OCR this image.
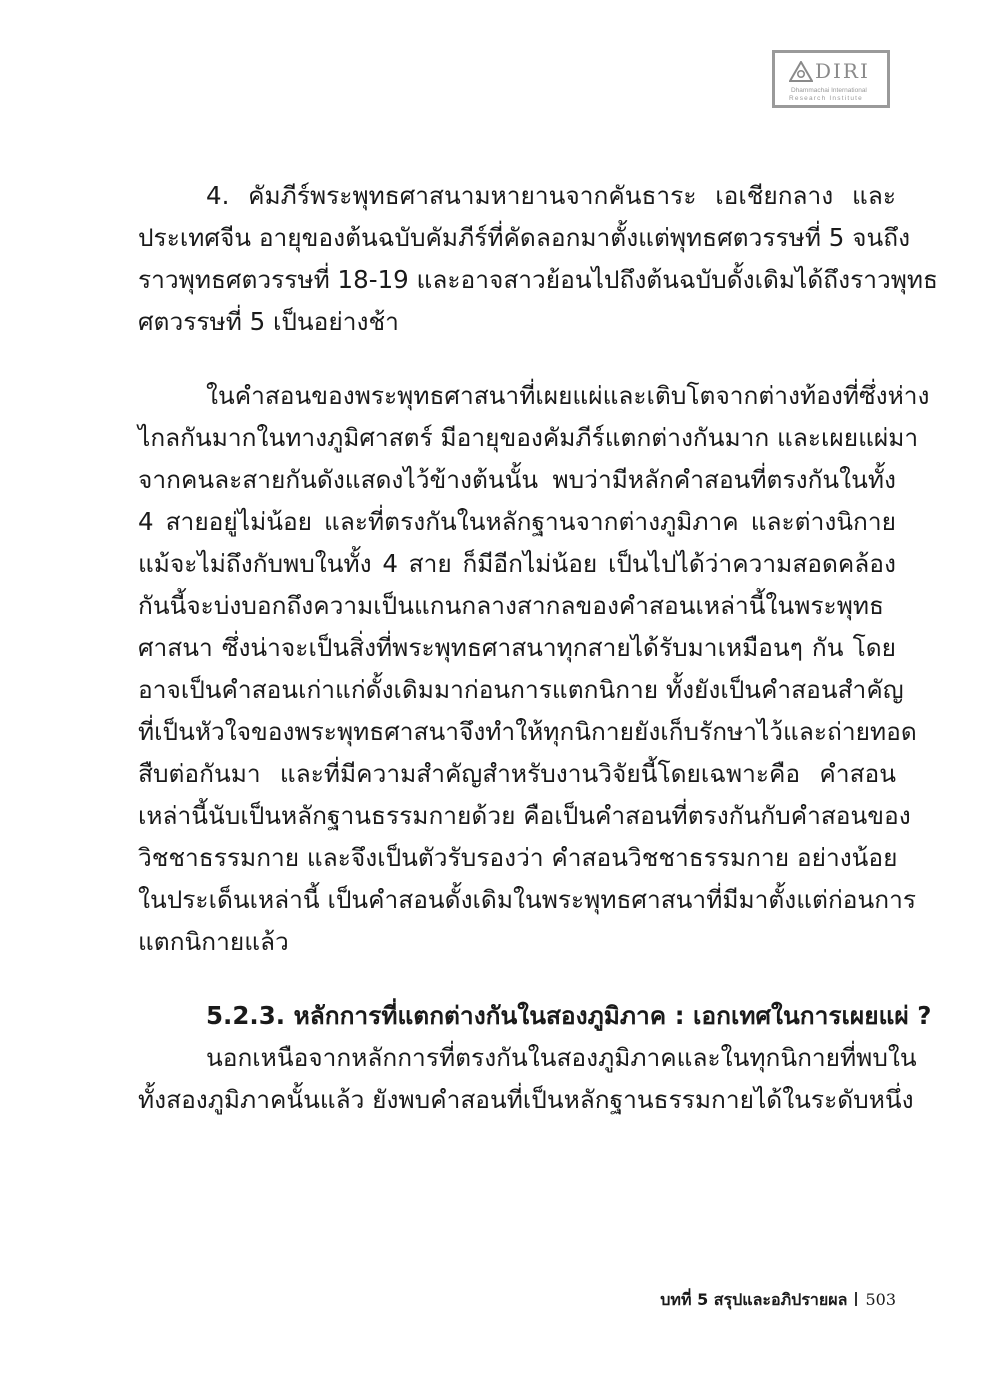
DIRI
Dhammachai International
Research Institute
4. คัมภีร์พระพุทธศาสนามหายานจากคันธาระ เอเชียกลาง และ
ประเทศจีน อายุของต้นฉบับคัมภีร์ที่คัดลอกมาตั้งแต่พุทธศตวรรษที่ 5 จนถึง
ราวพุทธศตวรรษที่ 18-19 และอาจสาวย้อนไปถึงต้นฉบับดั้งเดิมได้ถึงราวพุทธ
ศตวรรษที่ 5 เป็นอย่างช้า
ในคำสอนของพระพุทธศาสนาที่เผยแผ่และเติบโตจากต่างท้องที่ซึ่งห่าง
ไกลกันมากในทางภูมิศาสตร์ มีอายุของคัมภีร์แตกต่างกันมาก และเผยแผ่มา
จากคนละสายกันดังแสดงไว้ข้างต้นนั้น พบว่ามีหลักคำสอนที่ตรงกันในทั้ง
4 สายอยู่ไม่น้อย และที่ตรงกันในหลักฐานจากต่างภูมิภาค และต่างนิกาย
แม้จะไม่ถึงกับพบในทั้ง 4 สาย ก็มีอีกไม่น้อย เป็นไปได้ว่าความสอดคล้อง
กันนี้จะบ่งบอกถึงความเป็นแกนกลางสากลของคำสอนเหล่านี้ในพระพุทธ
ศาสนา ซึ่งน่าจะเป็นสิ่งที่พระพุทธศาสนาทุกสายได้รับมาเหมือนๆ กัน โดย
อาจเป็นคำสอนเก่าแก่ดั้งเดิมมาก่อนการแตกนิกาย ทั้งยังเป็นคำสอนสำคัญ
ที่เป็นหัวใจของพระพุทธศาสนาจึงทำให้ทุกนิกายยังเก็บรักษาไว้และถ่ายทอด
สืบต่อกันมา และที่มีความสำคัญสำหรับงานวิจัยนี้โดยเฉพาะคือ คำสอน
เหล่านี้นับเป็นหลักฐานธรรมกายด้วย คือเป็นคำสอนที่ตรงกันกับคำสอนของ
วิชชาธรรมกาย และจึงเป็นตัวรับรองว่า คำสอนวิชชาธรรมกาย อย่างน้อย
ในประเด็นเหล่านี้ เป็นคำสอนดั้งเดิมในพระพุทธศาสนาที่มีมาตั้งแต่ก่อนการ
แตกนิกายแล้ว
5.2.3. หลักการที่แตกต่างกันในสองภูมิภาค : เอกเทศในการเผยแผ่ ?
นอกเหนือจากหลักการที่ตรงกันในสองภูมิภาคและในทุกนิกายที่พบใน
ทั้งสองภูมิภาคนั้นแล้ว ยังพบคำสอนที่เป็นหลักฐานธรรมกายได้ในระดับหนึ่ง
บทที่ 5 สรุปและอภิปรายผล 503
